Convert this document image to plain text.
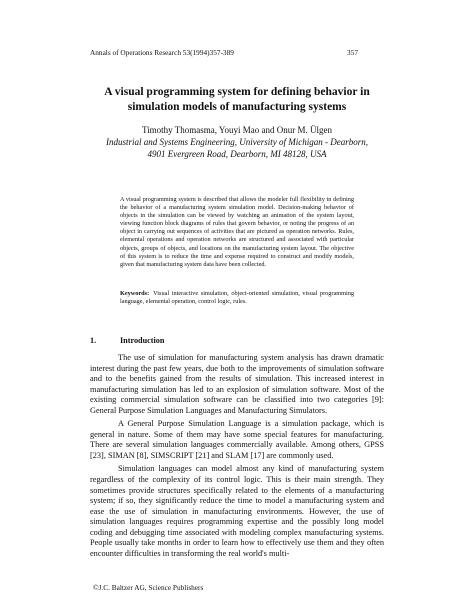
Annals of Operations Research 53(1994)357-389	357
A visual programming system for defining behavior in
simulation models of manufacturing systems
Timothy Thomasma, Youyi Mao and Onur M. Ülgen
Industrial and Systems Engineering, University of Michigan - Dearborn,
4901 Evergreen Road, Dearborn, MI 48128, USA
A visual programming system is described that allows the modeler full flexibility in defining the behavior of a manufacturing system simulation model. Decision-making behavior of objects in the simulation can be viewed by watching an animation of the system layout, viewing function block diagrams of rules that govern behavior, or noting the progress of an object in carrying out sequences of activities that are pictured as operation networks. Rules, elemental operations and operation networks are structured and associated with particular objects, groups of objects, and locations on the manufacturing system layout. The objective of this system is to reduce the time and expense required to construct and modify models, given that manufacturing system data have been collected.
Keywords: Visual interactive simulation, object-oriented simulation, visual programming language, elemental operation, control logic, rules.
1.	Introduction

The use of simulation for manufacturing system analysis has drawn dramatic interest during the past few years, due both to the improvements of simulation software and to the benefits gained from the results of simulation. This increased interest in manufacturing simulation has led to an explosion of simulation software. Most of the existing commercial simulation software can be classified into two categories [9]: General Purpose Simulation Languages and Manufacturing Simulators.

A General Purpose Simulation Language is a simulation package, which is general in nature. Some of them may have some special features for manufacturing. There are several simulation languages commercially available. Among others, GPSS [23], SIMAN [8], SIMSCRIPT [21] and SLAM [17] are commonly used.

Simulation languages can model almost any kind of manufacturing system regardless of the complexity of its control logic. This is their main strength. They sometimes provide structures specifically related to the elements of a manufacturing system; if so, they significantly reduce the time to model a manufacturing system and ease the use of simulation in manufacturing environments. However, the use of simulation languages requires programming expertise and the possibly long model coding and debugging time associated with modeling complex manufacturing systems. People usually take months in order to learn how to effectively use them and they often encounter difficulties in transforming the real world's multi-

©J.C. Baltzer AG, Science Publishers
